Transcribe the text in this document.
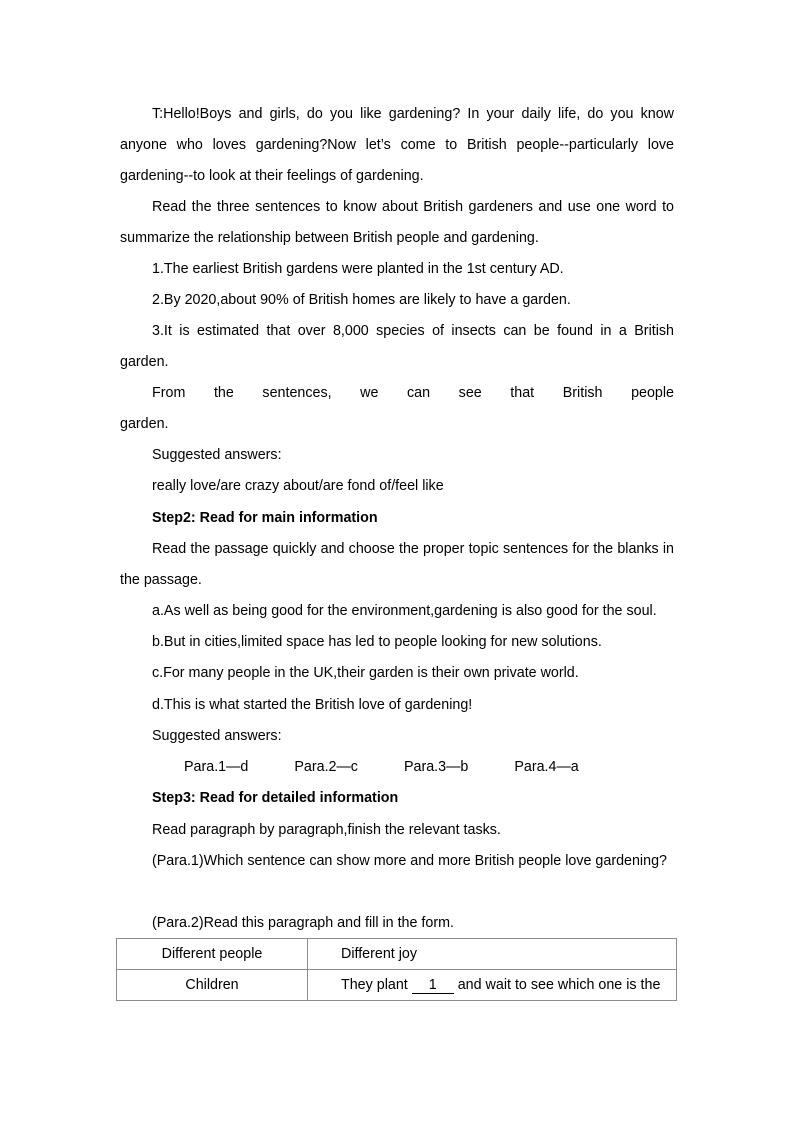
T:Hello!Boys and girls, do you like gardening? In your daily life, do you know anyone who loves gardening?Now let’s come to British people--particularly love gardening--to look at their feelings of gardening.

Read the three sentences to know about British gardeners and use one word to summarize the relationship between British people and gardening.

1.The earliest British gardens were planted in the 1st century AD.

2.By 2020,about 90% of British homes are likely to have a garden.

3.It is estimated that over 8,000 species of insects can be found in a British garden.

From the sentences, we can see that British people

garden.

Suggested answers:

really love/are crazy about/are fond of/feel like

Step2: Read for main information

Read the passage quickly and choose the proper topic sentences for the blanks in the passage.

a.As well as being good for the environment,gardening is also good for the soul.

b.But in cities,limited space has led to people looking for new solutions.

c.For many people in the UK,their garden is their own private world.

d.This is what started the British love of gardening!

Suggested answers:

Para.1—d	Para.2—c	Para.3—b	Para.4—a

Step3: Read for detailed information

Read paragraph by paragraph,finish the relevant tasks.

(Para.1)Which sentence can show more and more British people love gardening?

(Para.2)Read this paragraph and fill in the form.

Different people	Different joy
Children	They plant 1 and wait to see which one is the
